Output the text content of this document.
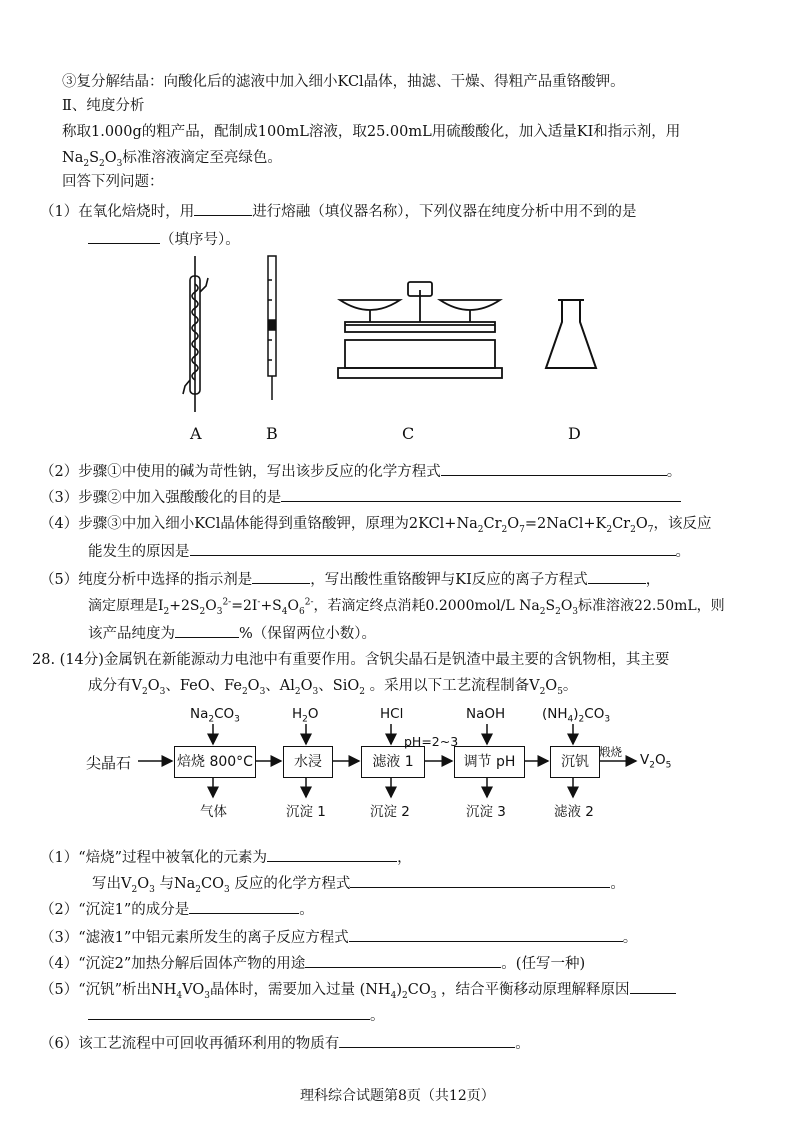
③复分解结晶：向酸化后的滤液中加入细小KCl晶体，抽滤、干燥、得粗产品重铬酸钾。
Ⅱ、纯度分析
称取1.000g的粗产品，配制成100mL溶液，取25.00mL用硫酸酸化，加入适量KI和指示剂，用
$Na_2S_2O_3$标准溶液滴定至亮绿色。
回答下列问题：
（1）在氧化焙烧时，用	进行熔融（填仪器名称），下列仪器在纯度分析中用不到的是
（填序号）。
A	B	C	D
（2）步骤①中使用的碱为苛性钠，写出该步反应的化学方程式	。
（3）步骤②中加入强酸酸化的目的是
（4）步骤③中加入细小KCl晶体能得到重铬酸钾，原理为$2KCl+Na_2Cr_2O_7=2NaCl+K_2Cr_2O_7$，该反应
能发生的原因是	。
（5）纯度分析中选择的指示剂是	，写出酸性重铬酸钾与KI反应的离子方程式	，
滴定原理是$I_2+2S_2O_3^{2-}=2I^-+S_4O_6^{2-}$，若滴定终点消耗0.2000mol/L $Na_2S_2O_3$标准溶液22.50mL，则
该产品纯度为	%（保留两位小数）。
28. (14分)金属钒在新能源动力电池中有重要作用。含钒尖晶石是钒渣中最主要的含钒物相，其主要
成分有$V_2O_3$、FeO、$Fe_2O_3$、$Al_2O_3$、SiO$_2$ 。采用以下工艺流程制备$V_2O_5$。
$Na_2CO_3$	$H_2O$	HCl	NaOH	$(NH_4)_2CO_3$
尖晶石	焙烧 800°C	水浸	滤液 1	调节 pH	沉钒
pH=2~3
煅烧 $V_2O_5$
气体	沉淀 1	沉淀 2	沉淀 3	滤液 2
（1）“焙烧”过程中被氧化的元素为	，
写出$V_2O_3$ 与$Na_2CO_3$ 反应的化学方程式	。
（2）“沉淀1”的成分是	。
（3）“滤液1”中铝元素所发生的离子反应方程式	。
（4）“沉淀2”加热分解后固体产物的用途	。(任写一种)
（5）“沉钒”析出$NH_4VO_3$晶体时，需要加入过量 $(NH_4)_2CO_3$ ，结合平衡移动原理解释原因
。
（6）该工艺流程中可回收再循环利用的物质有	。
理科综合试题第8页（共12页）
